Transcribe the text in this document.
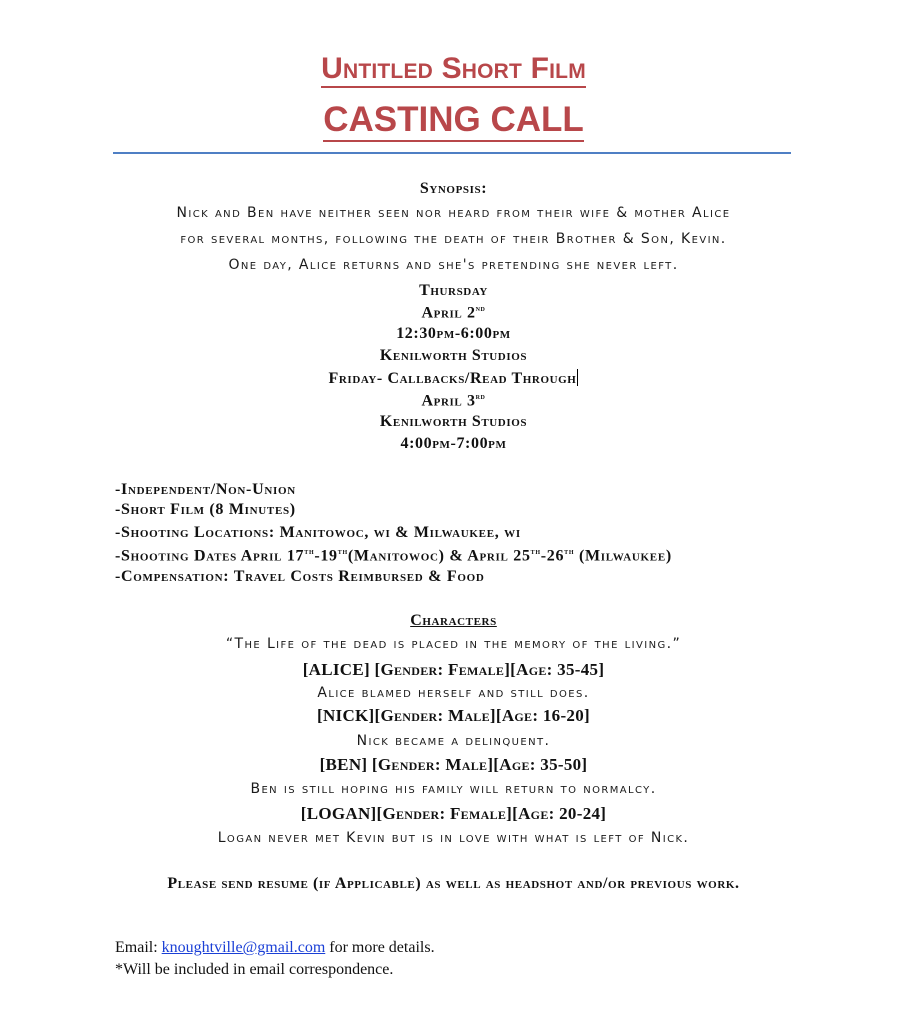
Untitled Short Film
CASTING CALL
Synopsis:
Nick and Ben have neither seen nor heard from their wife & mother Alice
for several months, following the death of their Brother & Son, Kevin.
One day, Alice returns and she's pretending she never left.
Thursday
April 2nd
12:30pm-6:00pm
Kenilworth Studios
Friday- Callbacks/Read Through
April 3rd
Kenilworth Studios
4:00pm-7:00pm
-Independent/Non-Union
-Short Film (8 Minutes)
-Shooting Locations: Manitowoc, wi & Milwaukee, wi
-Shooting Dates April 17th-19th(Manitowoc) & April 25th-26th (Milwaukee)
-Compensation: Travel Costs Reimbursed & Food
Characters
“The Life of the dead is placed in the memory of the living.”
[ALICE] [Gender: Female][Age: 35-45]
Alice blamed herself and still does.
[NICK][Gender: Male][Age: 16-20]
Nick became a delinquent.
[BEN] [Gender: Male][Age: 35-50]
Ben is still hoping his family will return to normalcy.
[LOGAN][Gender: Female][Age: 20-24]
Logan never met Kevin but is in love with what is left of Nick.
Please send resume (if Applicable) as well as headshot and/or previous work.
Email: knoughtville@gmail.com for more details.
*Will be included in email correspondence.
